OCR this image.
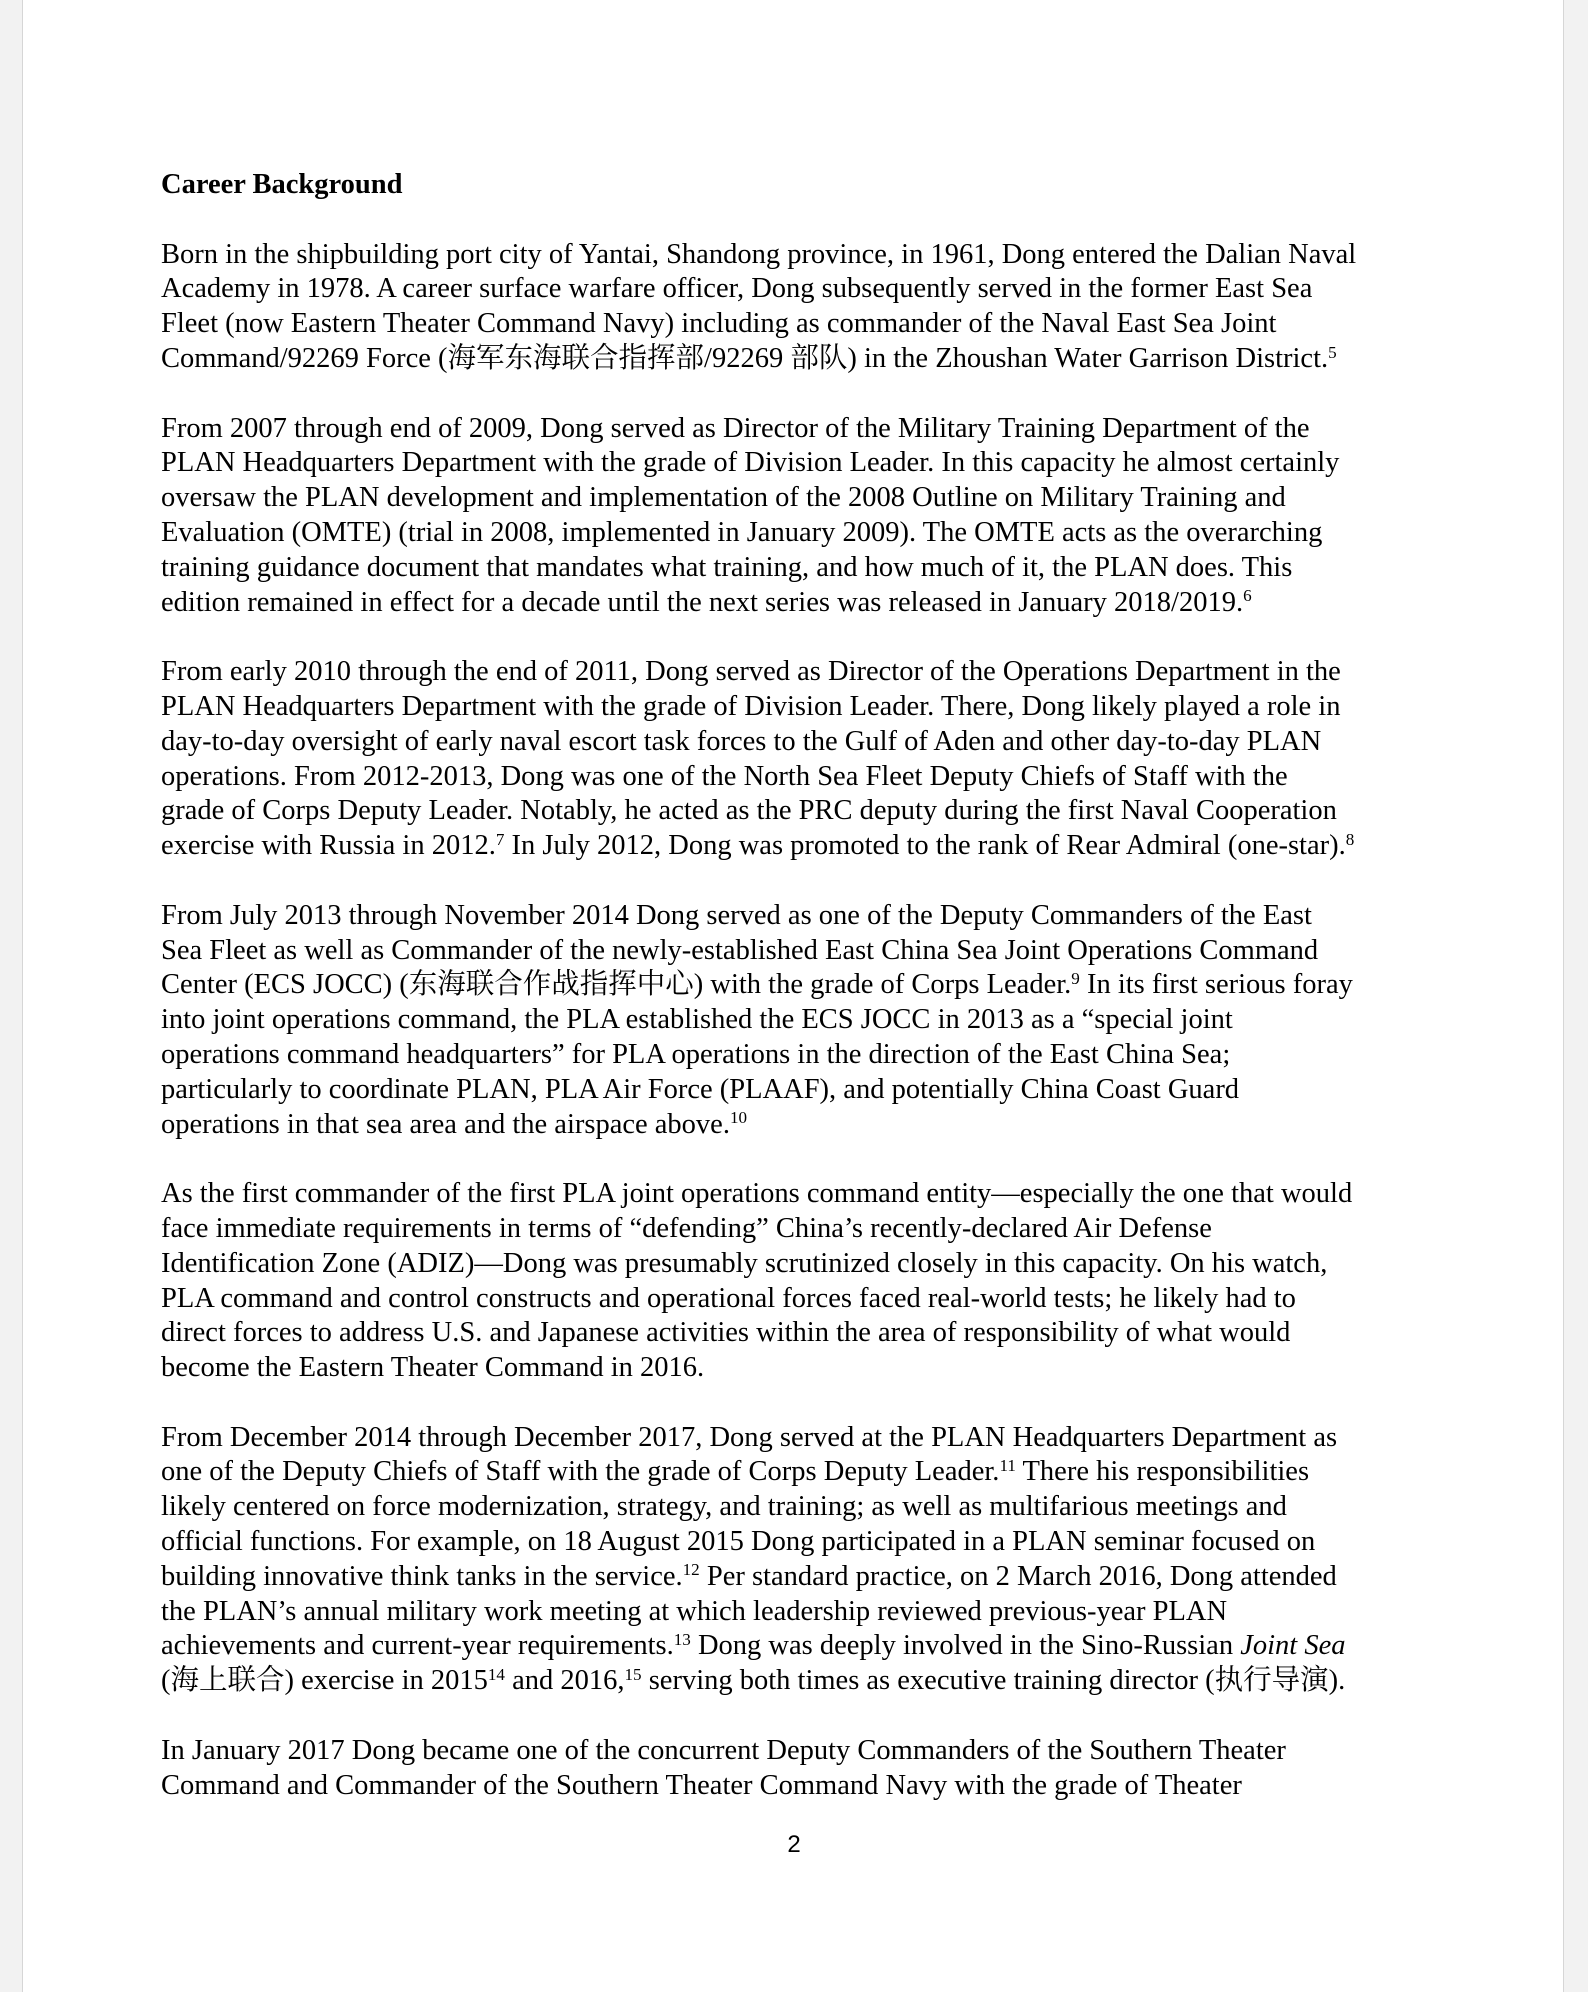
Career Background
Born in the shipbuilding port city of Yantai, Shandong province, in 1961, Dong entered the Dalian Naval
Academy in 1978. A career surface warfare officer, Dong subsequently served in the former East Sea
Fleet (now Eastern Theater Command Navy) including as commander of the Naval East Sea Joint
Command/92269 Force (海军东海联合指挥部/92269 部队) in the Zhoushan Water Garrison District.$^5$
From 2007 through end of 2009, Dong served as Director of the Military Training Department of the
PLAN Headquarters Department with the grade of Division Leader. In this capacity he almost certainly
oversaw the PLAN development and implementation of the 2008 Outline on Military Training and
Evaluation (OMTE) (trial in 2008, implemented in January 2009). The OMTE acts as the overarching
training guidance document that mandates what training, and how much of it, the PLAN does. This
edition remained in effect for a decade until the next series was released in January 2018/2019.$^6$
From early 2010 through the end of 2011, Dong served as Director of the Operations Department in the
PLAN Headquarters Department with the grade of Division Leader. There, Dong likely played a role in
day-to-day oversight of early naval escort task forces to the Gulf of Aden and other day-to-day PLAN
operations. From 2012-2013, Dong was one of the North Sea Fleet Deputy Chiefs of Staff with the
grade of Corps Deputy Leader. Notably, he acted as the PRC deputy during the first Naval Cooperation
exercise with Russia in 2012.$^7$ In July 2012, Dong was promoted to the rank of Rear Admiral (one-star).$^8$
From July 2013 through November 2014 Dong served as one of the Deputy Commanders of the East
Sea Fleet as well as Commander of the newly-established East China Sea Joint Operations Command
Center (ECS JOCC) (东海联合作战指挥中心) with the grade of Corps Leader.$^9$ In its first serious foray
into joint operations command, the PLA established the ECS JOCC in 2013 as a “special joint
operations command headquarters” for PLA operations in the direction of the East China Sea;
particularly to coordinate PLAN, PLA Air Force (PLAAF), and potentially China Coast Guard
operations in that sea area and the airspace above.$^{10}$
As the first commander of the first PLA joint operations command entity—especially the one that would
face immediate requirements in terms of “defending” China’s recently-declared Air Defense
Identification Zone (ADIZ)—Dong was presumably scrutinized closely in this capacity. On his watch,
PLA command and control constructs and operational forces faced real-world tests; he likely had to
direct forces to address U.S. and Japanese activities within the area of responsibility of what would
become the Eastern Theater Command in 2016.
From December 2014 through December 2017, Dong served at the PLAN Headquarters Department as
one of the Deputy Chiefs of Staff with the grade of Corps Deputy Leader.$^{11}$ There his responsibilities
likely centered on force modernization, strategy, and training; as well as multifarious meetings and
official functions. For example, on 18 August 2015 Dong participated in a PLAN seminar focused on
building innovative think tanks in the service.$^{12}$ Per standard practice, on 2 March 2016, Dong attended
the PLAN’s annual military work meeting at which leadership reviewed previous-year PLAN
achievements and current-year requirements.$^{13}$ Dong was deeply involved in the Sino-Russian Joint Sea
(海上联合) exercise in 2015$^{14}$ and 2016,15 serving both times as executive training director (执行导演).
In January 2017 Dong became one of the concurrent Deputy Commanders of the Southern Theater
Command and Commander of the Southern Theater Command Navy with the grade of Theater
2
